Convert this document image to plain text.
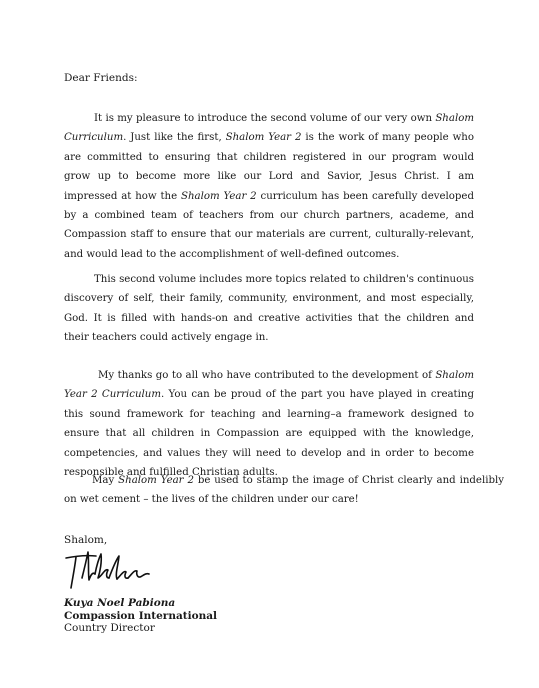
Dear Friends:

It is my pleasure to introduce the second volume of our very own Shalom Curriculum. Just like the first, Shalom Year 2 is the work of many people who are committed to ensuring that children registered in our program would grow up to become more like our Lord and Savior, Jesus Christ. I am impressed at how the Shalom Year 2 curriculum has been carefully developed by a combined team of teachers from our church partners, academe, and Compassion staff to ensure that our materials are current, culturally-relevant, and would lead to the accomplishment of well-defined outcomes.

This second volume includes more topics related to children's continuous discovery of self, their family, community, environment, and most especially, God. It is filled with hands-on and creative activities that the children and their teachers could actively engage in.

My thanks go to all who have contributed to the development of Shalom Year 2 Curriculum. You can be proud of the part you have played in creating this sound framework for teaching and learning–a framework designed to ensure that all children in Compassion are equipped with the knowledge, competencies, and values they will need to develop and in order to become responsible and fulfilled Christian adults.

May Shalom Year 2 be used to stamp the image of Christ clearly and indelibly on wet cement – the lives of the children under our care!

Shalom,
Kuya Noel Pabiona
Compassion International
Country Director
